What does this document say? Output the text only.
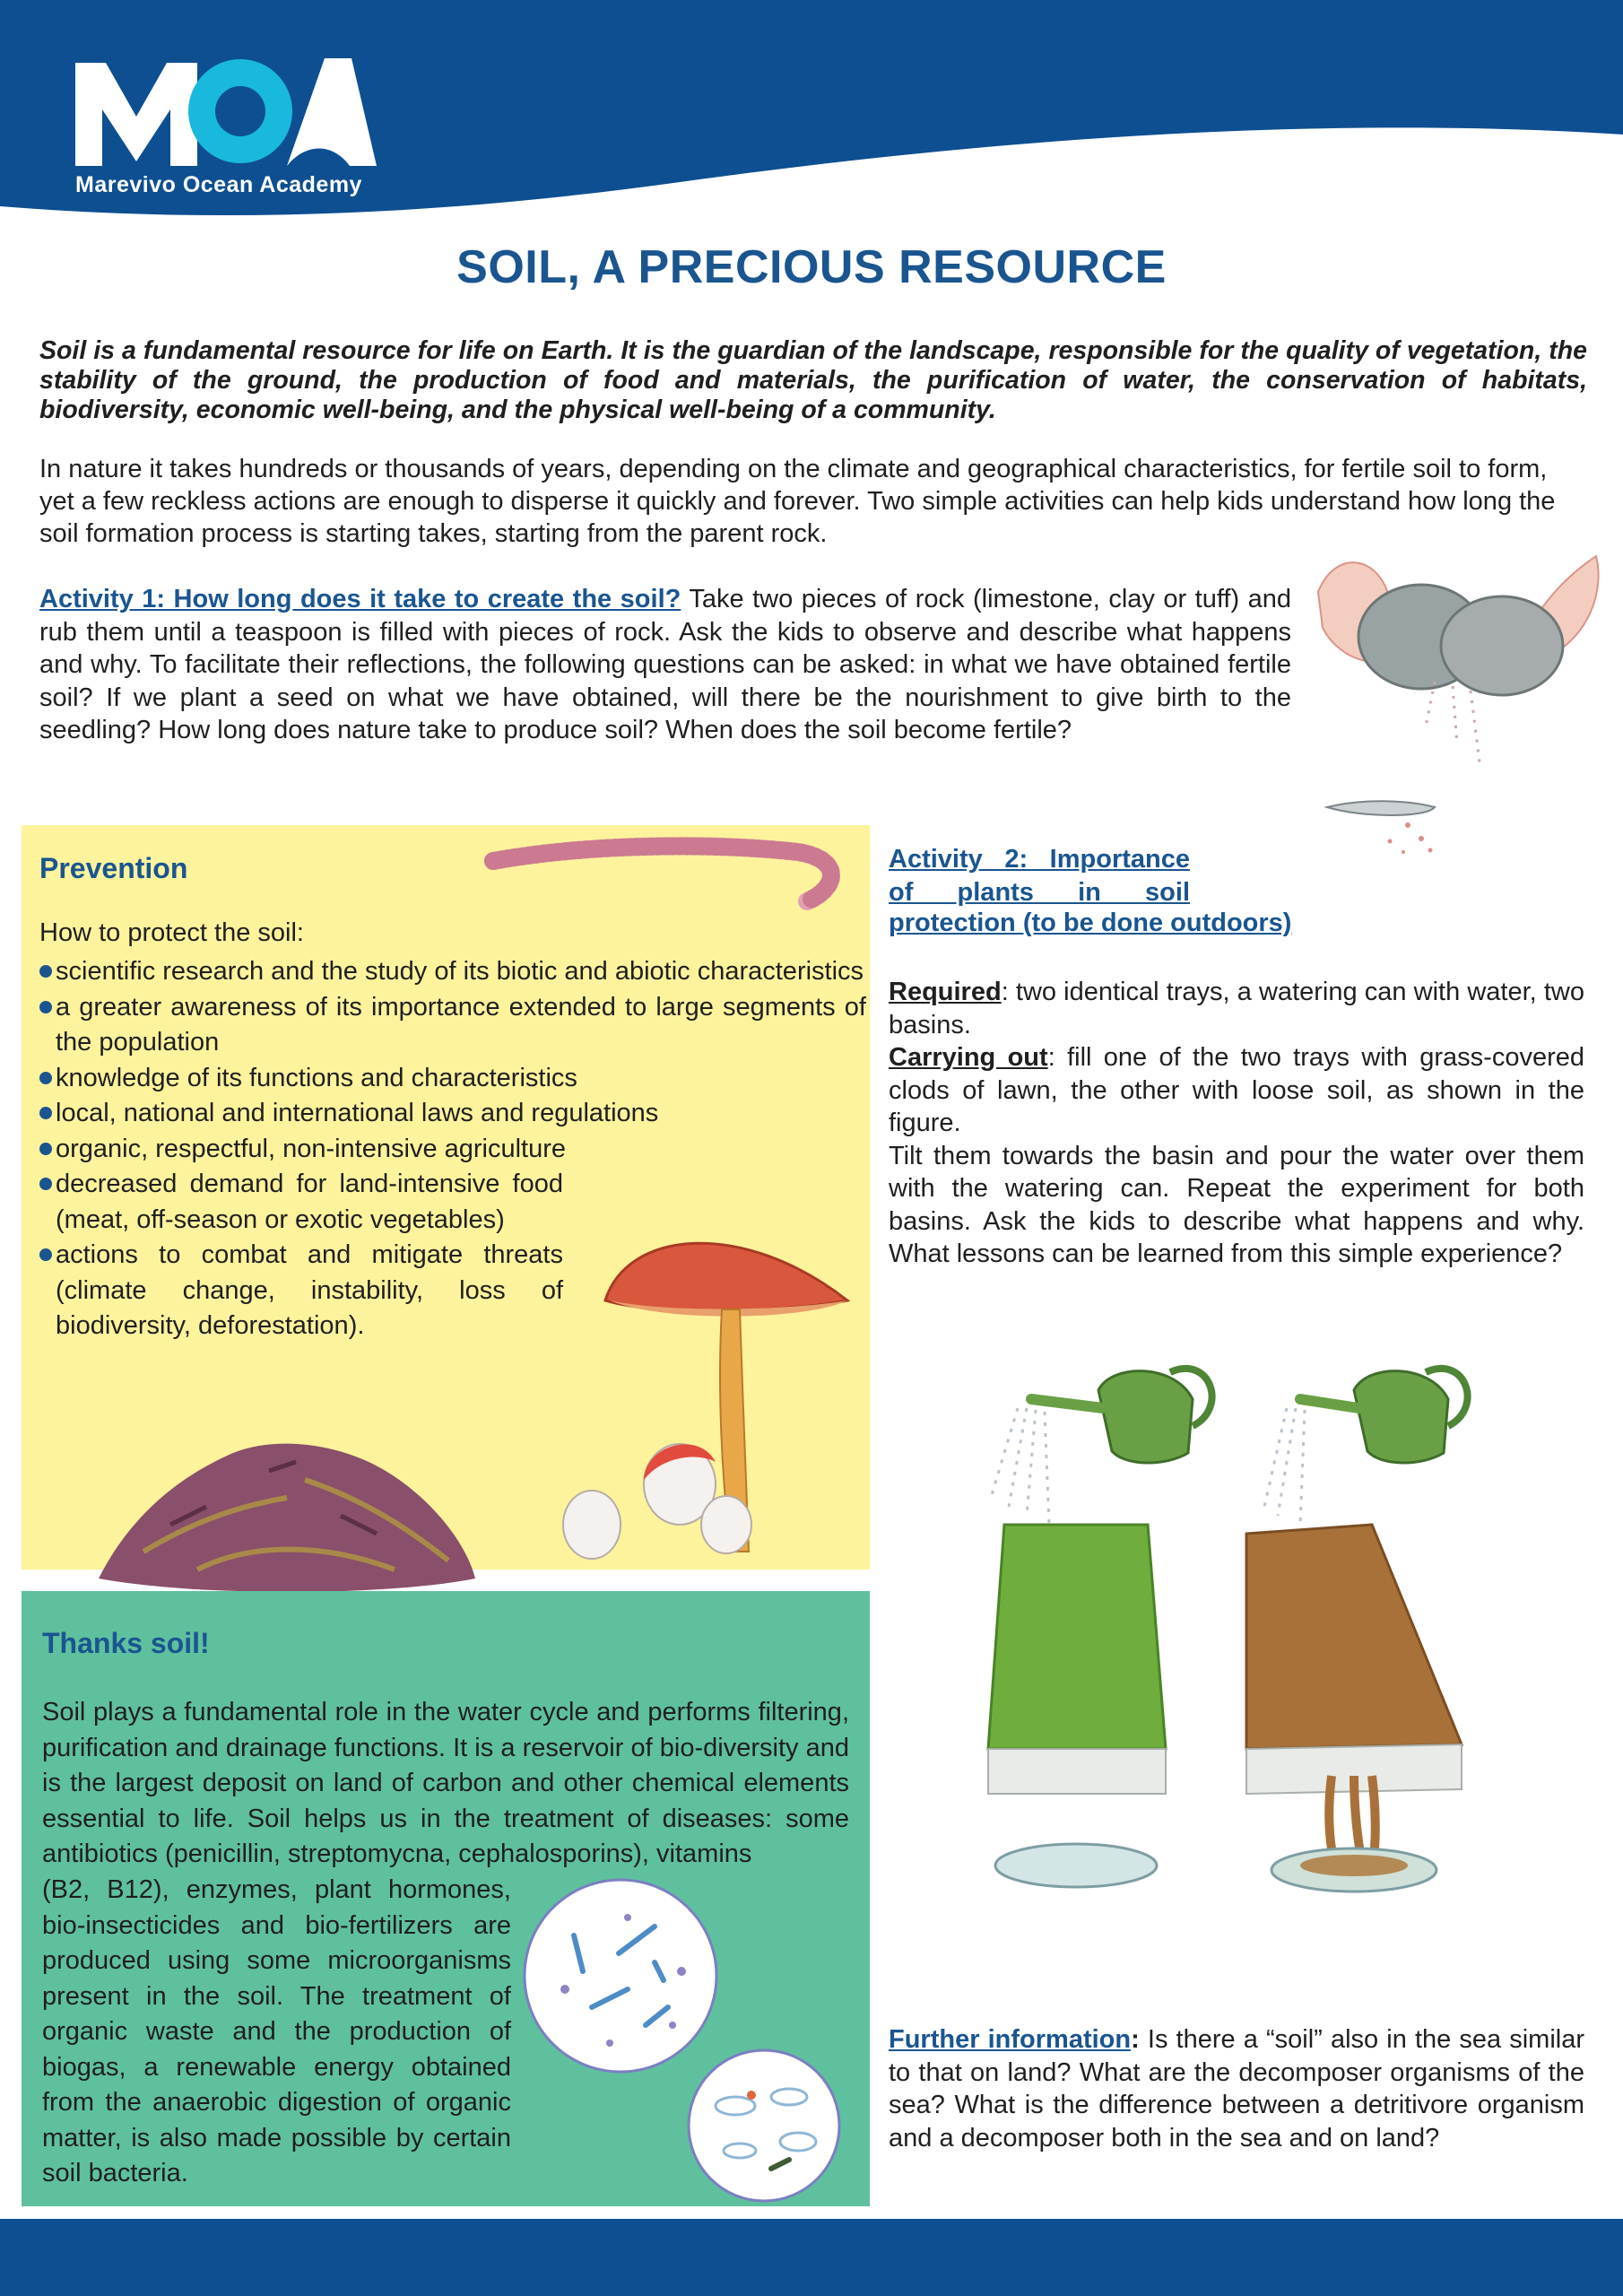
Marevivo Ocean Academy
SOIL, A PRECIOUS RESOURCE
Soil is a fundamental resource for life on Earth. It is the guardian of the landscape, responsible for the quality of vegetation, the stability of the ground, the production of food and materials, the purification of water, the conservation of habitats, biodiversity, economic well-being, and the physical well-being of a community.
In nature it takes hundreds or thousands of years, depending on the climate and geographical characteristics, for fertile soil to form, yet a few reckless actions are enough to disperse it quickly and forever. Two simple activities can help kids understand how long the soil formation process is starting takes, starting from the parent rock.
Activity 1: How long does it take to create the soil? Take two pieces of rock (limestone, clay or tuff) and rub them until a teaspoon is filled with pieces of rock. Ask the kids to observe and describe what happens and why. To facilitate their reflections, the following questions can be asked: in what we have obtained fertile soil? If we plant a seed on what we have obtained, will there be the nourishment to give birth to the seedling? How long does nature take to produce soil? When does the soil become fertile?
Prevention
How to protect the soil:
scientific research and the study of its biotic and abiotic characteristics
a greater awareness of its importance extended to large segments of the population
knowledge of its functions and characteristics
local, national and international laws and regulations
organic, respectful, non-intensive agriculture
decreased demand for land-intensive food (meat, off-season or exotic vegetables)
actions to combat and mitigate threats (climate change, instability, loss of biodiversity, deforestation).
Thanks soil!
Soil plays a fundamental role in the water cycle and performs filtering, purification and drainage functions. It is a reservoir of bio-diversity and is the largest deposit on land of carbon and other chemical elements essential to life. Soil helps us in the treatment of diseases: some antibiotics (penicillin, streptomycna, cephalosporins), vitamins
(B2, B12), enzymes, plant hormones, bio-insecticides and bio-fertilizers are produced using some microorganisms present in the soil. The treatment of organic waste and the production of biogas, a renewable energy obtained from the anaerobic digestion of organic matter, is also made possible by certain soil bacteria.
Activity 2: Importance of plants in soil
protection (to be done outdoors)
Required: two identical trays, a watering can with water, two basins.
Carrying out: fill one of the two trays with grass-covered clods of lawn, the other with loose soil, as shown in the figure.
Tilt them towards the basin and pour the water over them with the watering can. Repeat the experiment for both basins. Ask the kids to describe what happens and why. What lessons can be learned from this simple experience?
Further information: Is there a “soil” also in the sea similar to that on land? What are the decomposer organisms of the sea? What is the difference between a detritivore organism and a decomposer both in the sea and on land?
